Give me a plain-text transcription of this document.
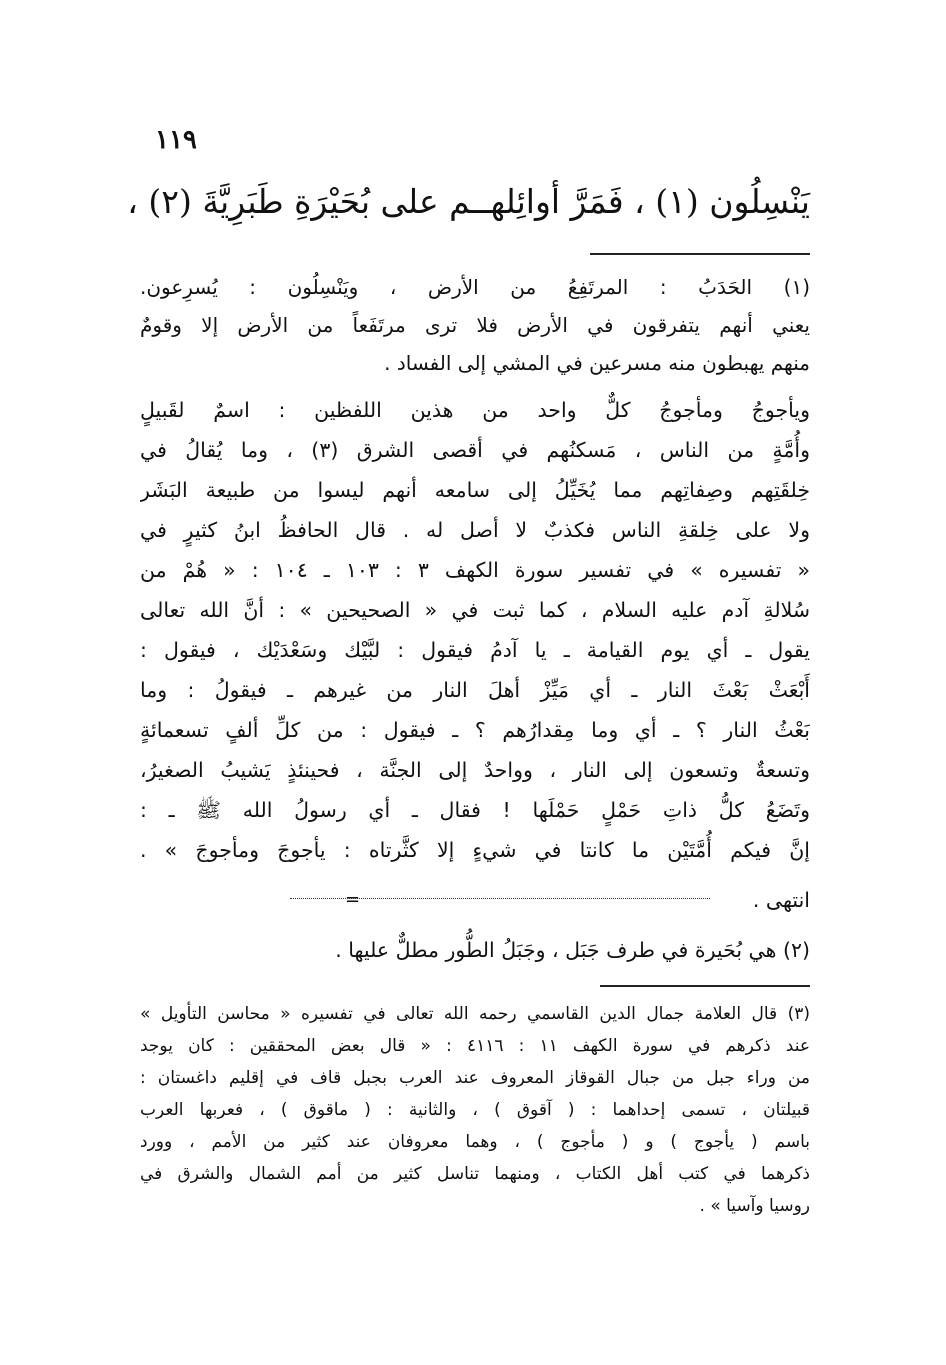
١١٩
يَنْسِلُون (١) ، فَمَرَّ أوائِلهــم على بُحَيْرَةِ طَبَرِيَّةَ (٢) ،
(١) الحَدَبُ : المرتَفِعُ من الأرض ، ويَنْسِلُون : يُسرِعون.
يعني أنهم يتفرقون في الأرض فلا ترى مرتَفَعاً من الأرض إلا وقومٌ
منهم يهبطون منه مسرعين في المشي إلى الفساد .
ويأجوجُ ومأجوجُ كلٌّ واحد من هذين اللفظين : اسمٌ لقَبيلٍ
وأُمَّةٍ من الناس ، مَسكنُهم في أقصى الشرق (٣) ، وما يُقالُ في
خِلقَتِهم وصِفاتِهم مما يُخَيِّلُ إلى سامعه أنهم ليسوا من طبيعة البَشَر
ولا على خِلقةِ الناس فكذبٌ لا أصل له . قال الحافظُ ابنُ كثيرٍ في
« تفسيره » في تفسير سورة الكهف ٣ : ١٠٣ ـ ١٠٤ : « هُمْ من
سُلالةِ آدم عليه السلام ، كما ثبت في « الصحيحين » : أنَّ الله تعالى
يقول ـ أي يوم القيامة ـ يا آدمُ فيقول : لبَّيْك وسَعْدَيْك ، فيقول :
أَبْعَثْ بَعْثَ النار ـ أي مَيِّزْ أهلَ النار من غيرهم ـ فيقولُ : وما
بَعْثُ النار ؟ ـ أي وما مِقدارُهم ؟ ـ فيقول : من كلِّ ألفٍ تسعمائةٍ
وتسعةٌ وتسعون إلى النار ، وواحدٌ إلى الجنَّة ، فحينئذٍ يَشيبُ الصغيرُ،
وتَضَعُ كلُّ ذاتِ حَمْلٍ حَمْلَها ! فقال ـ أي رسولُ الله ﷺ ـ :
إنَّ فيكم أُمَّتَيْن ما كانتا في شيءٍ إلا كثَّرتاه : يأجوجَ ومأجوجَ » .
انتهى .
=
(٢) هي بُحَيرة في طرف جَبَل ، وجَبَلُ الطُّور مطلٌّ عليها .
(٣) قال العلامة جمال الدين القاسمي رحمه الله تعالى في تفسيره « محاسن التأويل »
عند ذكرهم في سورة الكهف ١١ : ٤١١٦ : « قال بعض المحققين : كان يوجد
من وراء جبل من جبال القوقاز المعروف عند العرب بجبل قاف في إقليم داغستان :
قبيلتان ، تسمى إحداهما : ( آقوق ) ، والثانية : ( ماقوق ) ، فعربها العرب
باسم ( يأجوج ) و ( مأجوج ) ، وهما معروفان عند كثير من الأمم ، وورد
ذكرهما في كتب أهل الكتاب ، ومنهما تناسل كثير من أمم الشمال والشرق في
روسيا وآسيا » .
